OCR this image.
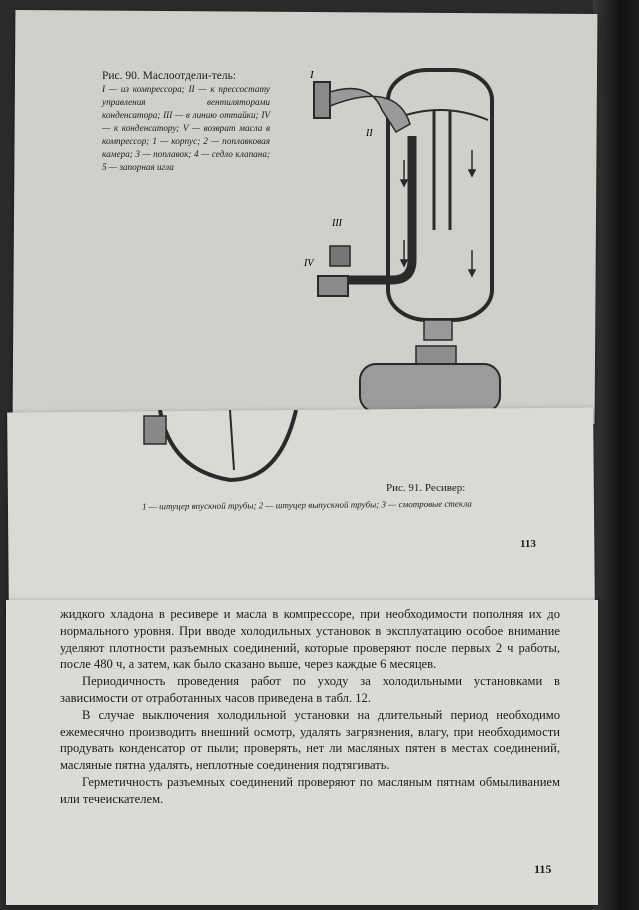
Рис. 90. Маслоотдели-тель:
I — из компрессора; II — к прессостату управления вентиляторами конденсатора; III — в линию оттайки; IV — к конденсатору; V — возврат масла в компрессор; 1 — корпус; 2 — поплавковая камера; 3 — поплавок; 4 — седло клапана; 5 — запорная игла
I
II
III
IV
Рис. 91. Ресивер:
1 — штуцер впускной трубы; 2 — штуцер выпускной трубы; 3 — смотровые стекла
113

жидкого хладона в ресивере и масла в компрессоре, при необходимости пополняя их до нормального уровня. При вводе холодильных установок в эксплуатацию особое внимание уделяют плотности разъемных соединений, которые проверяют после первых 2 ч работы, после 480 ч, а затем, как было сказано выше, через каждые 6 месяцев.

Периодичность проведения работ по уходу за холодильными установками в зависимости от отработанных часов приведена в табл. 12.

В случае выключения холодильной установки на длительный период необходимо ежемесячно производить внешний осмотр, удалять загрязнения, влагу, при необходимости продувать конденсатор от пыли; проверять, нет ли масляных пятен в местах соединений, масляные пятна удалять, неплотные соединения подтягивать.

Герметичность разъемных соединений проверяют по масляным пятнам обмыливанием или течеискателем.

115
